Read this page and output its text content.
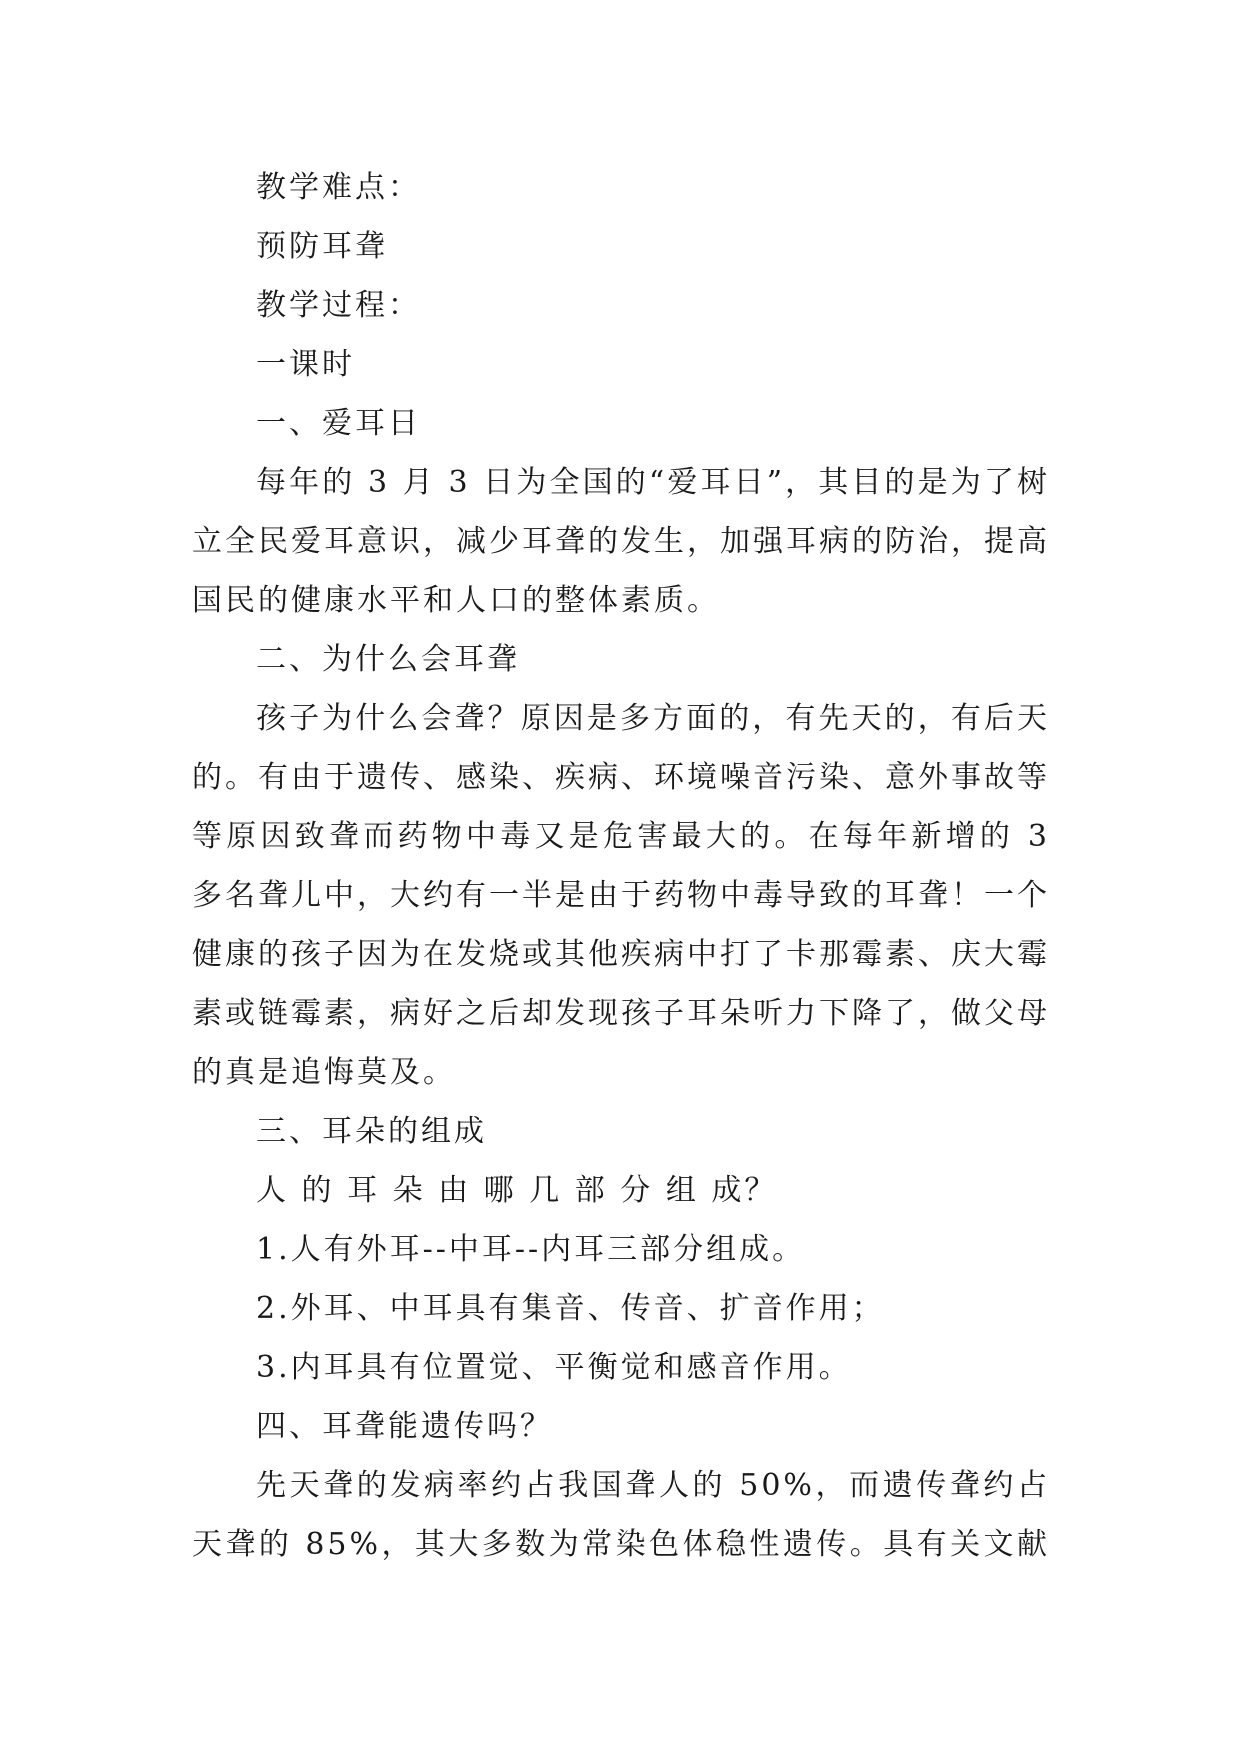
教学难点：
预防耳聋
教学过程：
一课时
一、爱耳日
每年的 3 月 3 日为全国的“爱耳日”，其目的是为了树
立全民爱耳意识，减少耳聋的发生，加强耳病的防治，提高
国民的健康水平和人口的整体素质。
二、为什么会耳聋
孩子为什么会聋？原因是多方面的，有先天的，有后天
的。有由于遗传、感染、疾病、环境噪音污染、意外事故等
等原因致聋而药物中毒又是危害最大的。在每年新增的 3
多名聋儿中，大约有一半是由于药物中毒导致的耳聋！一个
健康的孩子因为在发烧或其他疾病中打了卡那霉素、庆大霉
素或链霉素，病好之后却发现孩子耳朵听力下降了，做父母
的真是追悔莫及。
三、耳朵的组成
人 的 耳 朵 由 哪 几 部 分 组 成？
1.人有外耳--中耳--内耳三部分组成。
2.外耳、中耳具有集音、传音、扩音作用；
3.内耳具有位置觉、平衡觉和感音作用。
四、耳聋能遗传吗？
先天聋的发病率约占我国聋人的 50%，而遗传聋约占
天聋的 85%，其大多数为常染色体稳性遗传。具有关文献
